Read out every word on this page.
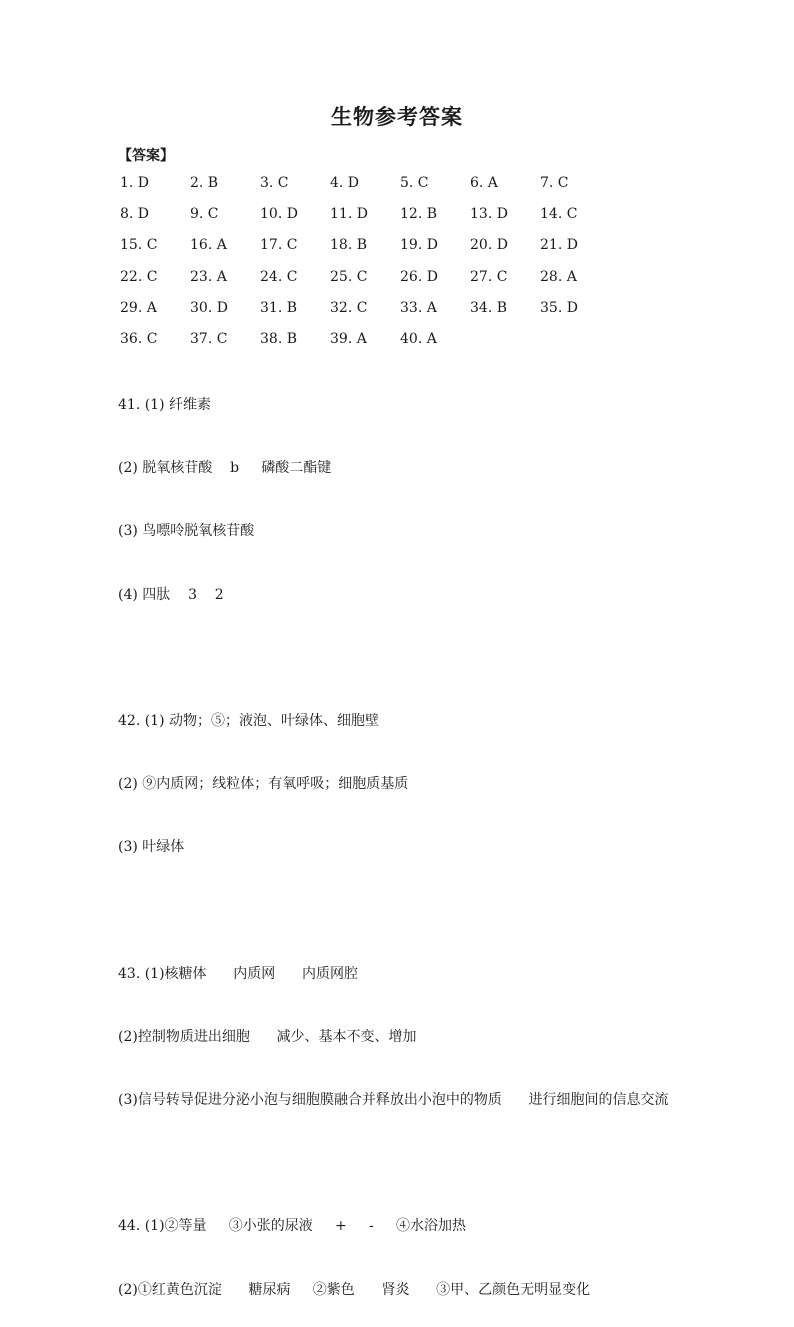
生物参考答案
【答案】
1. D	2. B	3. C	4. D	5. C	6. A	7. C
8. D	9. C	10. D 11. D 12. B 13. D 14. C
15. C 16. A 17. C 18. B 19. D 20. D 21. D
22. C 23. A 24. C 25. C 26. D 27. C 28. A
29. A 30. D 31. B 32. C 33. A 34. B 35. D
36. C 37. C 38. B 39. A 40. A

41. (1) 纤维素

(2) 脱氧核苷酸    b     磷酸二酯键

(3) 鸟嘌呤脱氧核苷酸

(4) 四肽    3    2

42. (1) 动物；⑤；液泡、叶绿体、细胞壁

(2) ⑨内质网；线粒体；有氧呼吸；细胞质基质

(3) 叶绿体

43. (1)核糖体      内质网      内质网腔

(2)控制物质进出细胞      减少、基本不变、增加

(3)信号转导促进分泌小泡与细胞膜融合并释放出小泡中的物质      进行细胞间的信息交流

44. (1)②等量     ③小张的尿液     +     -     ④水浴加热

(2)①红黄色沉淀      糖尿病     ②紫色      肾炎      ③甲、乙颜色无明显变化
